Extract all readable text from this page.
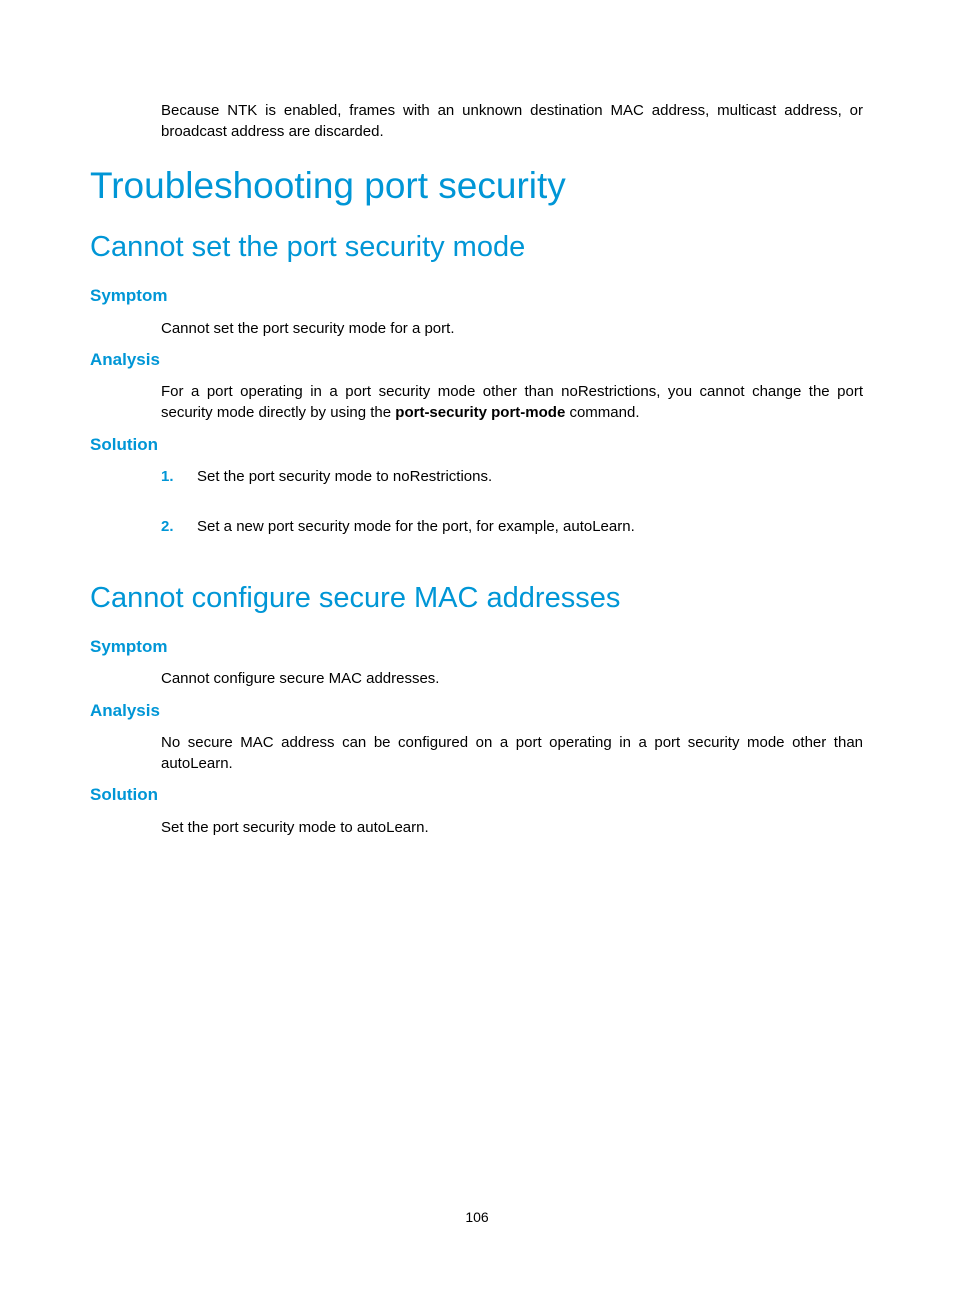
Because NTK is enabled, frames with an unknown destination MAC address, multicast address, or broadcast address are discarded.
Troubleshooting port security
Cannot set the port security mode
Symptom
Cannot set the port security mode for a port.
Analysis
For a port operating in a port security mode other than noRestrictions, you cannot change the port security mode directly by using the port-security port-mode command.
Solution
1. Set the port security mode to noRestrictions.
2. Set a new port security mode for the port, for example, autoLearn.
Cannot configure secure MAC addresses
Symptom
Cannot configure secure MAC addresses.
Analysis
No secure MAC address can be configured on a port operating in a port security mode other than autoLearn.
Solution
Set the port security mode to autoLearn.
106
